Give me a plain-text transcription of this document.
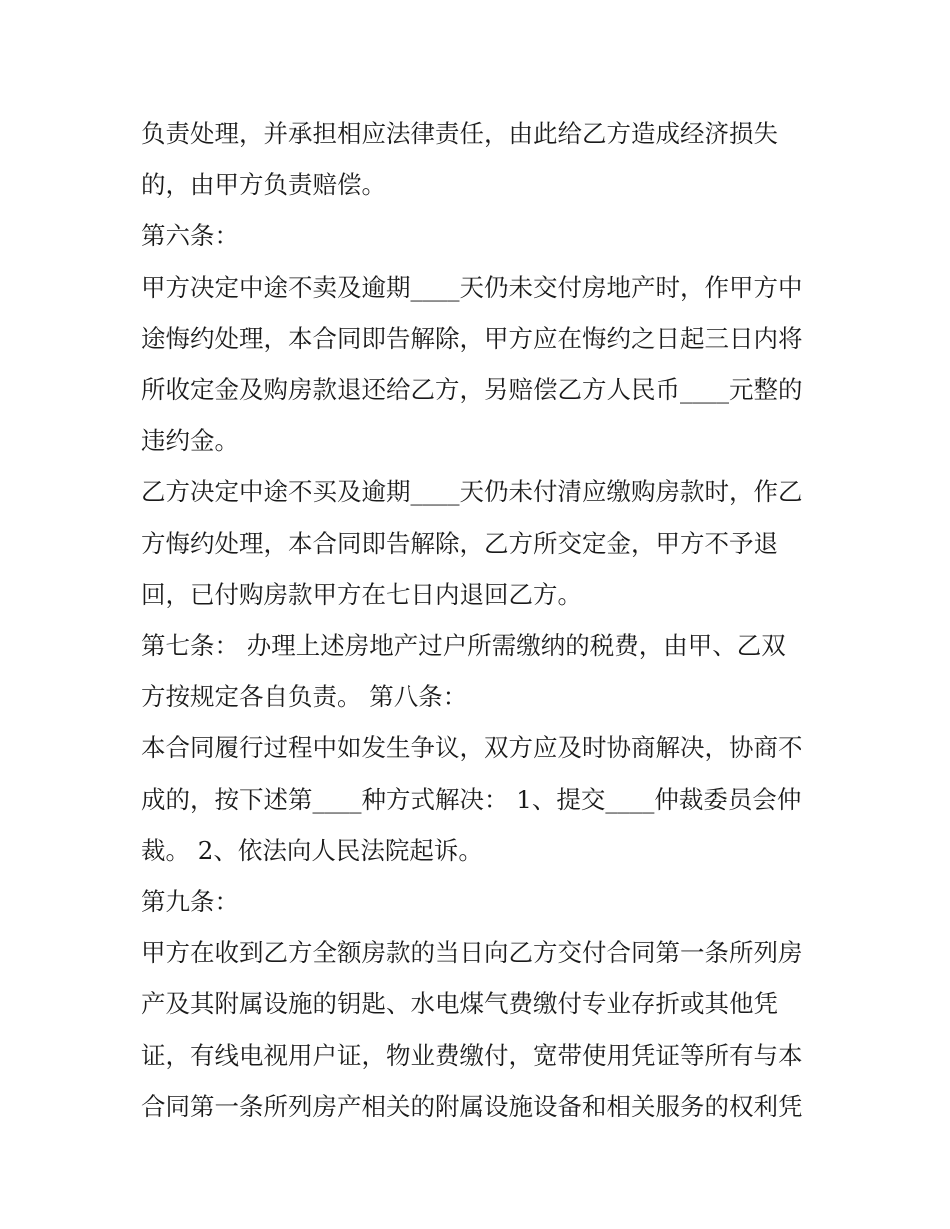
负责处理，并承担相应法律责任，由此给乙方造成经济损失
的，由甲方负责赔偿。
第六条：
甲方决定中途不卖及逾期____天仍未交付房地产时，作甲方中
途悔约处理，本合同即告解除，甲方应在悔约之日起三日内将
所收定金及购房款退还给乙方，另赔偿乙方人民币____元整的
违约金。
乙方决定中途不买及逾期____天仍未付清应缴购房款时，作乙
方悔约处理，本合同即告解除，乙方所交定金，甲方不予退
回，已付购房款甲方在七日内退回乙方。
第七条： 办理上述房地产过户所需缴纳的税费，由甲、乙双
方按规定各自负责。 第八条：
本合同履行过程中如发生争议，双方应及时协商解决，协商不
成的，按下述第____种方式解决： 1、提交____仲裁委员会仲
裁。 2、依法向人民法院起诉。
第九条：
甲方在收到乙方全额房款的当日向乙方交付合同第一条所列房
产及其附属设施的钥匙、水电煤气费缴付专业存折或其他凭
证，有线电视用户证，物业费缴付，宽带使用凭证等所有与本
合同第一条所列房产相关的附属设施设备和相关服务的权利凭
